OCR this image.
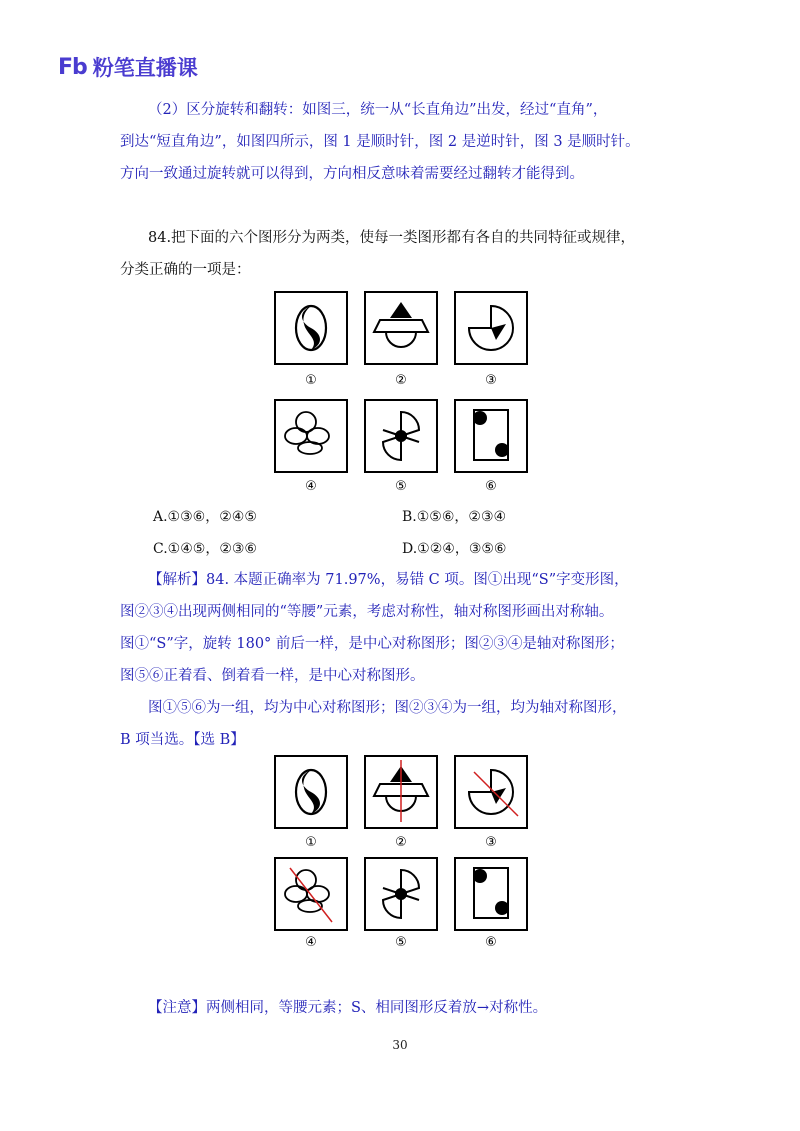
Fb 粉笔直播课
（2）区分旋转和翻转：如图三，统一从“长直角边”出发，经过“直角”，
到达“短直角边”，如图四所示，图 1 是顺时针，图 2 是逆时针，图 3 是顺时针。
方向一致通过旋转就可以得到，方向相反意味着需要经过翻转才能得到。
84.把下面的六个图形分为两类，使每一类图形都有各自的共同特征或规律，
分类正确的一项是：
①	②	③
④	⑤	⑥
A.①③⑥，②④⑤	B.①⑤⑥，②③④
C.①④⑤，②③⑥	D.①②④，③⑤⑥
【解析】84. 本题正确率为 71.97%，易错 C 项。图①出现“S”字变形图，
图②③④出现两侧相同的“等腰”元素，考虑对称性，轴对称图形画出对称轴。
图①“S”字，旋转 180° 前后一样，是中心对称图形；图②③④是轴对称图形；
图⑤⑥正着看、倒着看一样，是中心对称图形。
图①⑤⑥为一组，均为中心对称图形；图②③④为一组，均为轴对称图形，
B 项当选。【选 B】
①	②	③
④	⑤	⑥
【注意】两侧相同，等腰元素；S、相同图形反着放→对称性。
30
